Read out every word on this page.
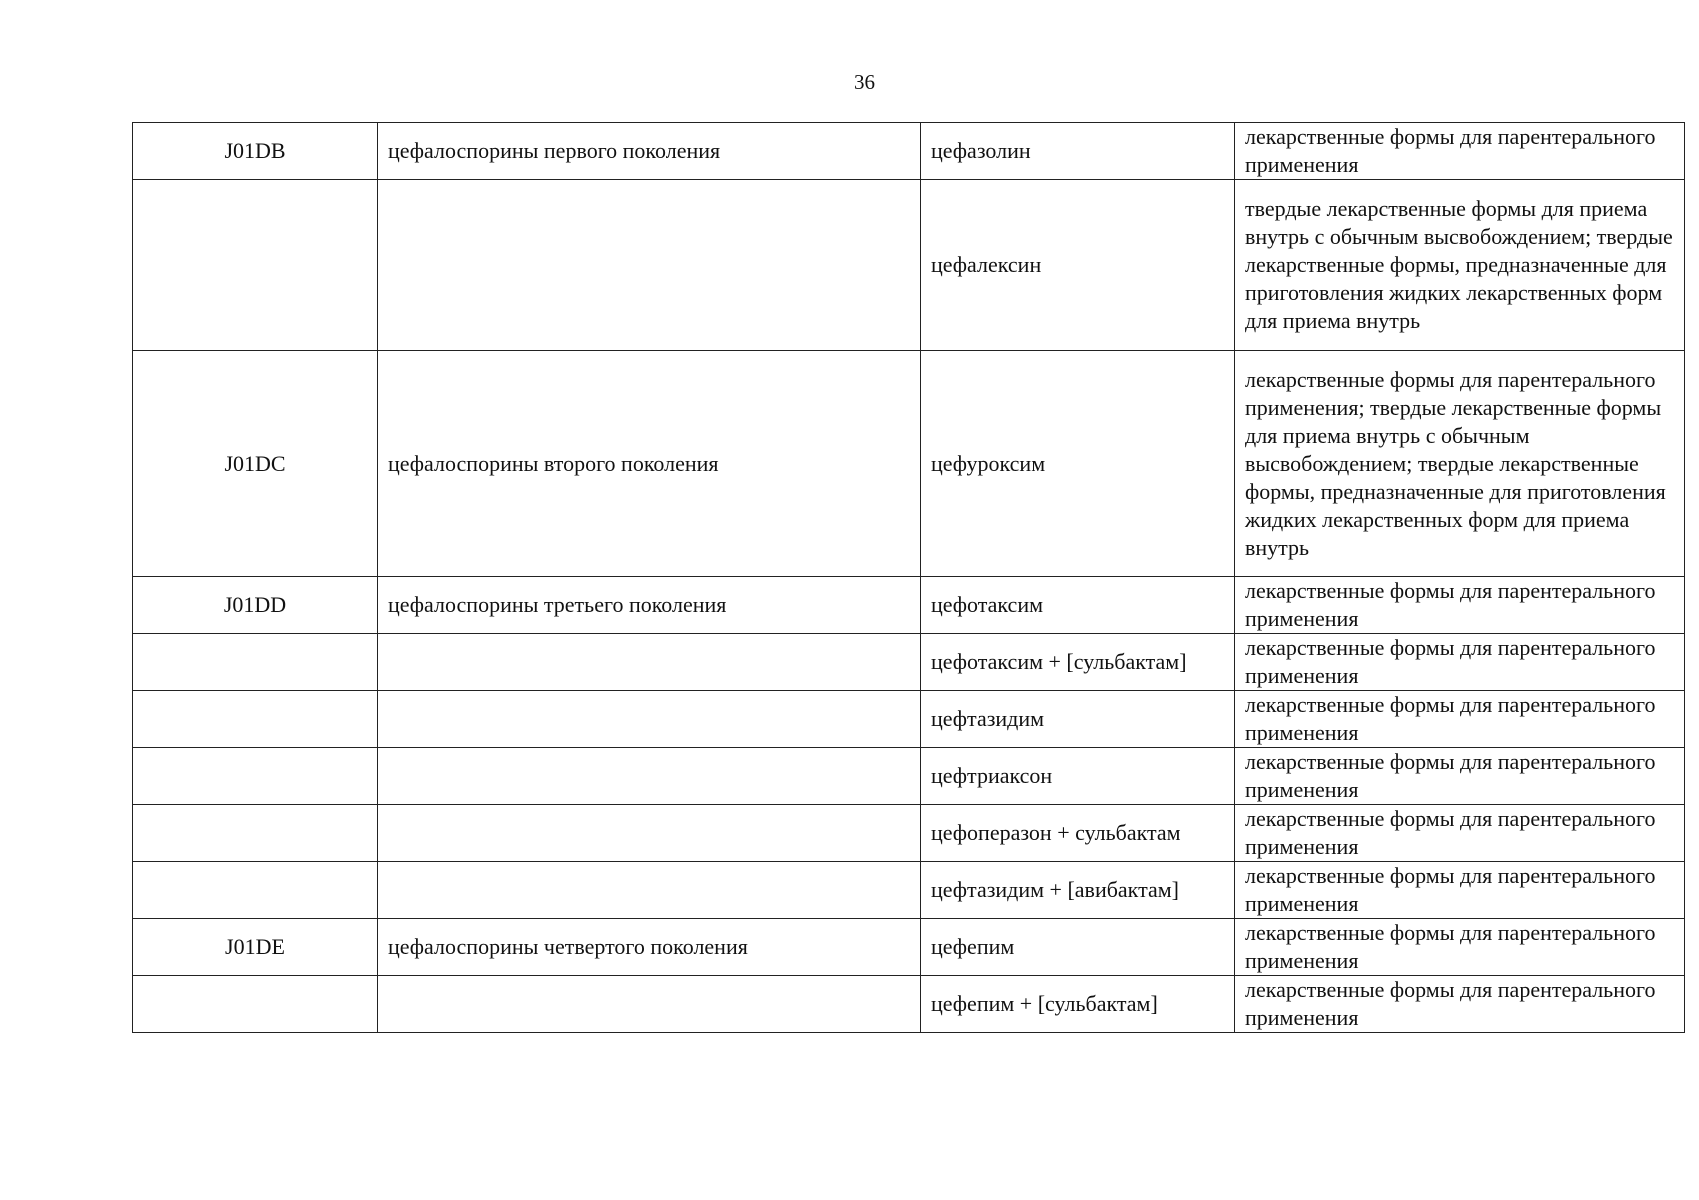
36
J01DB	цефалоспорины первого поколения	цефазолин	лекарственные формы для парентерального применения
		цефалексин	твердые лекарственные формы для приема внутрь с обычным высвобождением; твердые лекарственные формы, предназначенные для приготовления жидких лекарственных форм для приема внутрь
J01DC	цефалоспорины второго поколения	цефуроксим	лекарственные формы для парентерального применения; твердые лекарственные формы для приема внутрь с обычным высвобождением; твердые лекарственные формы, предназначенные для приготовления жидких лекарственных форм для приема внутрь
J01DD	цефалоспорины третьего поколения	цефотаксим	лекарственные формы для парентерального применения
		цефотаксим + [сульбактам]	лекарственные формы для парентерального применения
		цефтазидим	лекарственные формы для парентерального применения
		цефтриаксон	лекарственные формы для парентерального применения
		цефоперазон + сульбактам	лекарственные формы для парентерального применения
		цефтазидим + [авибактам]	лекарственные формы для парентерального применения
J01DE	цефалоспорины четвертого поколения	цефепим	лекарственные формы для парентерального применения
		цефепим + [сульбактам]	лекарственные формы для парентерального применения
